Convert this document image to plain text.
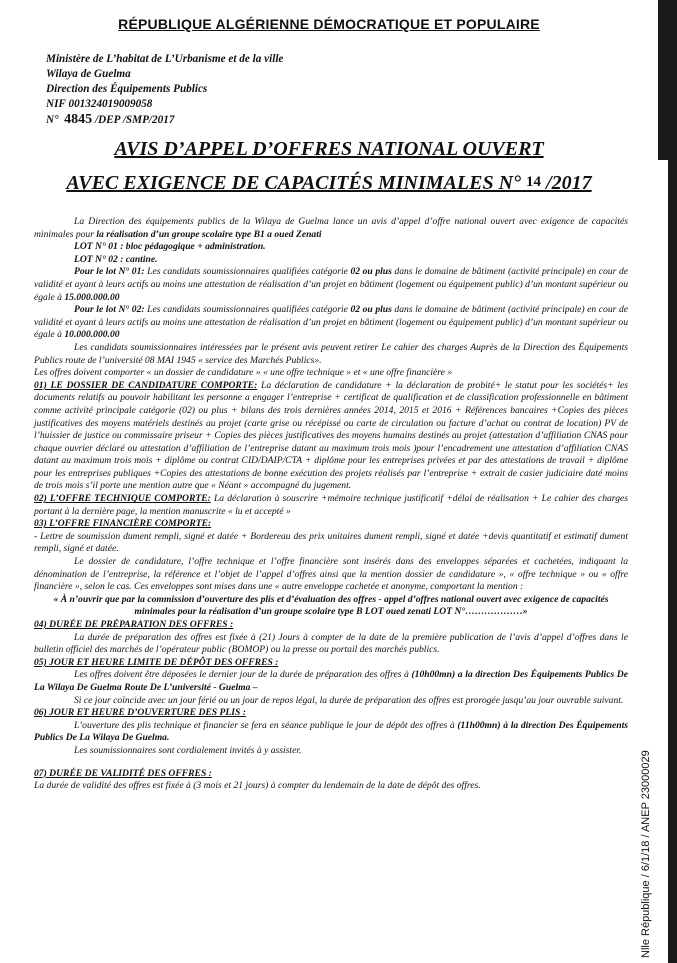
RÉPUBLIQUE ALGÉRIENNE DÉMOCRATIQUE ET POPULAIRE
Ministère de L’habitat de L’Urbanisme et de la ville
Wilaya de Guelma
Direction des Équipements Publics
NIF 001324019009058
N° 4845 /DEP /SMP/2017
AVIS D’APPEL D’OFFRES NATIONAL OUVERT
AVEC EXIGENCE DE CAPACITÉS MINIMALES N° 14 /2017
◦ ◦ ◦

La Direction des équipements publics de la Wilaya de Guelma lance un avis d’appel d’offre national ouvert avec exigence de capacités minimales pour la réalisation d’un groupe scolaire type B1 a oued Zenati

LOT N° 01 : bloc pédagogique + administration.

LOT N° 02 : cantine.

Pour le lot N° 01: Les candidats soumissionnaires qualifiées catégorie 02 ou plus dans le domaine de bâtiment (activité principale) en cour de validité et ayant à leurs actifs au moins une attestation de réalisation d’un projet en bâtiment (logement ou équipement public) d’un montant supérieur ou égale à 15.000.000.00

Pour le lot N° 02: Les candidats soumissionnaires qualifiées catégorie 02 ou plus dans le domaine de bâtiment (activité principale) en cour de validité et ayant à leurs actifs au moins une attestation de réalisation d’un projet en bâtiment (logement ou équipement public) d’un montant supérieur ou égale à 10.000.000.00

Les candidats soumissionnaires intéressées par le présent avis peuvent retirer Le cahier des charges Auprès de la Direction des Équipements Publics route de l’université 08 MAI 1945 « service des Marchés Publics».

Les offres doivent comporter « un dossier de candidature » « une offre technique » et « une offre financière »

01) LE DOSSIER DE CANDIDATURE COMPORTE: La déclaration de candidature + la déclaration de probité+ le statut pour les sociétés+ les documents relatifs au pouvoir habilitant les personne a engager l’entreprise + certificat de qualification et de classification professionnelle en bâtiment comme activité principale catégorie (02) ou plus + bilans des trois dernières années 2014, 2015 et 2016 + Références bancaires +Copies des pièces justificatives des moyens matériels destinés au projet (carte grise ou récépissé ou carte de circulation ou facture d’achat ou contrat de location) PV de l’huissier de justice ou commissaire priseur + Copies des pièces justificatives des moyens humains destinés au projet (attestation d’affiliation CNAS pour chaque ouvrier déclaré ou attestation d’affiliation de l’entreprise datant au maximum trois mois )pour l’encadrement une attestation d’affiliation CNAS datant au maximum trois mois + diplôme ou contrat CID/DAIP/CTA + diplôme pour les entreprises privées et par des attestations de travail + diplôme pour les entreprises publiques +Copies des attestations de bonne exécution des projets réalisés par l’entreprise + extrait de casier judiciaire daté moins de trois mois s’il porte une mention autre que « Néant » accompagné du jugement.

02) L’OFFRE TECHNIQUE COMPORTE: La déclaration à souscrire +mémoire technique justificatif +délai de réalisation + Le cahier des charges portant à la dernière page, la mention manuscrite « lu et accepté »

03) L’OFFRE FINANCIÈRE COMPORTE:

- Lettre de soumission dument rempli, signé et datée + Bordereau des prix unitaires dument rempli, signé et datée +devis quantitatif et estimatif dument rempli, signé et datée.

Le dossier de candidature, l’offre technique et l’offre financière sont insérés dans des enveloppes séparées et cachetées, indiquant la dénomination de l’entreprise, la référence et l’objet de l’appel d’offres ainsi que la mention dossier de candidature », « offre technique » ou « offre financière », selon le cas. Ces enveloppes sont mises dans une « autre enveloppe cachetée et anonyme, comportant la mention :

« À n’ouvrir que par la commission d’ouverture des plis et d’évaluation des offres - appel d’offres national ouvert avec exigence de capacités minimales pour la réalisation d’un groupe scolaire type B LOT oued zenati LOT N°………………»

04) DURÉE DE PRÉPARATION DES OFFRES :

La durée de préparation des offres est fixée à (21) Jours à compter de la date de la première publication de l’avis d’appel d’offres dans le bulletin officiel des marchés de l’opérateur public (BOMOP) ou la presse ou portail des marchés publics.

05) JOUR ET HEURE LIMITE DE DÉPÔT DES OFFRES :

Les offres doivent être déposées le dernier jour de la durée de préparation des offres à (10h00mn) a la direction Des Équipements Publics De La Wilaya De Guelma Route De L’université - Guelma –

Si ce jour coïncide avec un jour férié ou un jour de repos légal, la durée de préparation des offres est prorogée jusqu’au jour ouvrable suivant.

06) JOUR ET HEURE D’OUVERTURE DES PLIS :

L’ouverture des plis technique et financier se fera en séance publique le jour de dépôt des offres à (11h00mn) à la direction Des Équipements Publics De La Wilaya De Guelma.

Les soumissionnaires sont cordialement invités à y assister.

07) DURÉE DE VALIDITÉ DES OFFRES :

La durée de validité des offres est fixée à (3 mois et 21 jours) à compter du lendemain de la date de dépôt des offres.	Nlle République / 6/1/18 / ANEP 23000029
